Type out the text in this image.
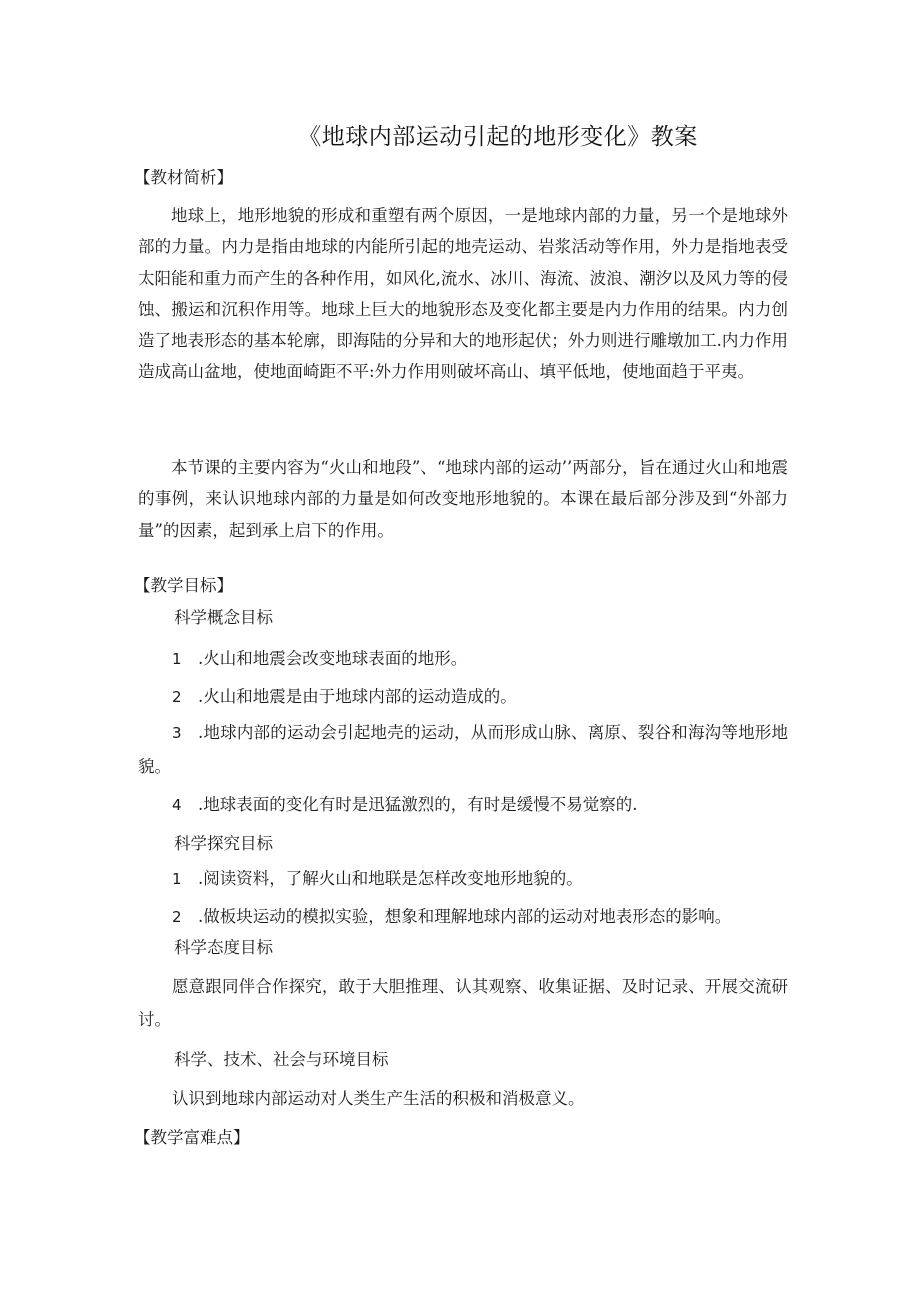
《地球内部运动引起的地形变化》教案
【教材简析】

地球上，地形地貌的形成和重塑有两个原因，一是地球内部的力量，另一个是地球外部的力量。内力是指由地球的内能所引起的地壳运动、岩浆活动等作用，外力是指地表受太阳能和重力而产生的各种作用，如风化,流水、冰川、海流、波浪、潮汐以及风力等的侵蚀、搬运和沉积作用等。地球上巨大的地貌形态及变化都主要是内力作用的结果。内力创造了地表形态的基本轮廓，即海陆的分异和大的地形起伏；外力则进行雕墩加工.内力作用造成高山盆地，使地面崎距不平:外力作用则破坏高山、填平低地，使地面趋于平夷。

本节课的主要内容为“火山和地段”、“地球内部的运动’’两部分，旨在通过火山和地震的事例，来认识地球内部的力量是如何改变地形地貌的。本课在最后部分涉及到“外部力量”的因素，起到承上启下的作用。

【教学目标】
科学概念目标
1 .火山和地震会改变地球表面的地形。
2 .火山和地震是由于地球内部的运动造成的。
3 .地球内部的运动会引起地壳的运动，从而形成山脉、离原、裂谷和海沟等地形地貌。
4 .地球表面的变化有时是迅猛激烈的，有时是缓慢不易觉察的.
科学探究目标
1 .阅读资料，了解火山和地联是怎样改变地形地貌的。
2 .做板块运动的模拟实验，想象和理解地球内部的运动对地表形态的影响。
科学态度目标
愿意跟同伴合作探究，敢于大胆推理、认其观察、收集证据、及时记录、开展交流研讨。
科学、技术、社会与环境目标
认识到地球内部运动对人类生产生活的积极和消极意义。
【教学富难点】
